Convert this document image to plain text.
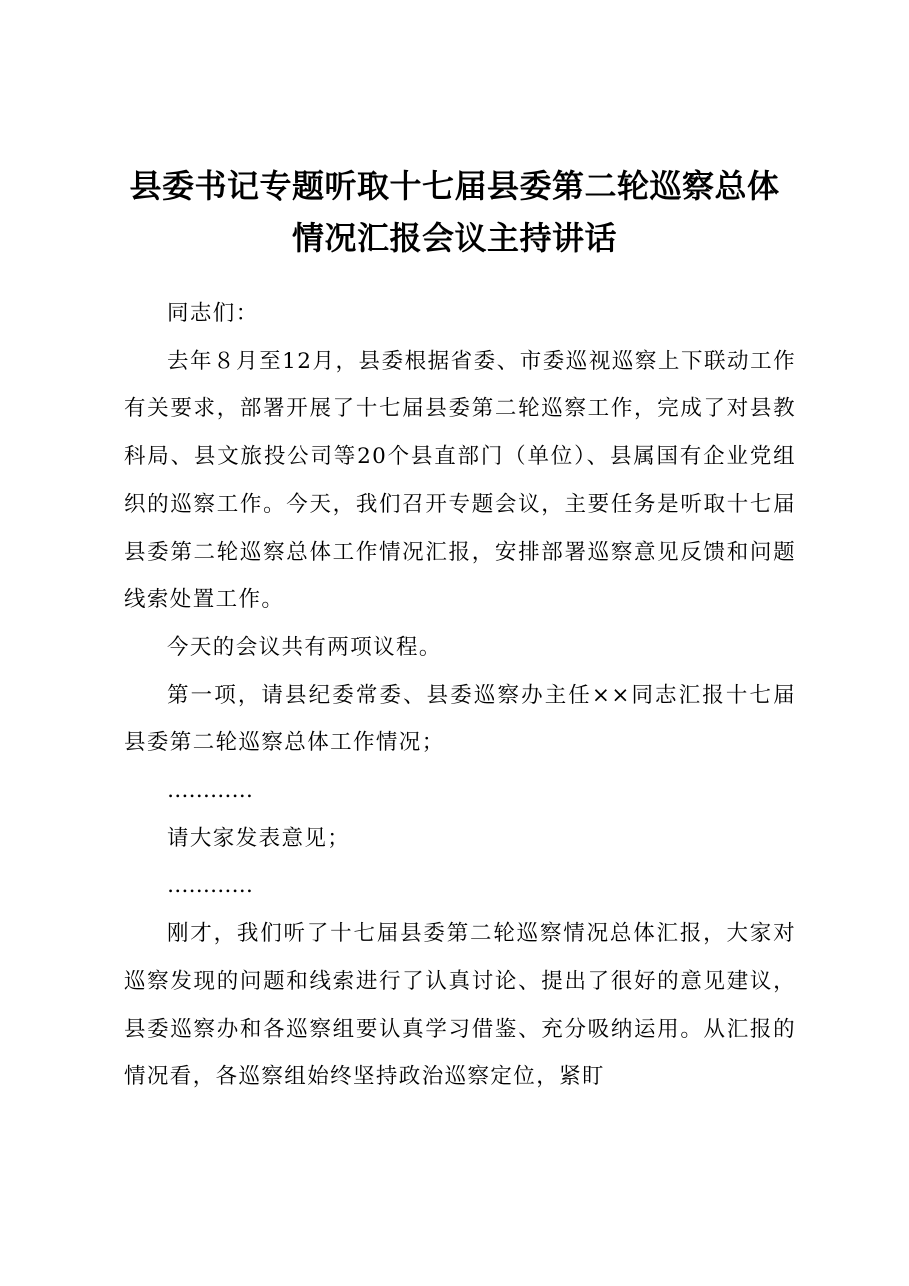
县委书记专题听取十七届县委第二轮巡察总体
情况汇报会议主持讲话

同志们：

去年８月至12月，县委根据省委、市委巡视巡察上下联动工作有关要求，部署开展了十七届县委第二轮巡察工作，完成了对县教科局、县文旅投公司等20个县直部门（单位）、县属国有企业党组织的巡察工作。今天，我们召开专题会议，主要任务是听取十七届县委第二轮巡察总体工作情况汇报，安排部署巡察意见反馈和问题线索处置工作。

今天的会议共有两项议程。

第一项，请县纪委常委、县委巡察办主任××同志汇报十七届县委第二轮巡察总体工作情况；

…………

请大家发表意见；

…………

刚才，我们听了十七届县委第二轮巡察情况总体汇报，大家对巡察发现的问题和线索进行了认真讨论、提出了很好的意见建议，县委巡察办和各巡察组要认真学习借鉴、充分吸纳运用。从汇报的情况看，各巡察组始终坚持政治巡察定位，紧盯
